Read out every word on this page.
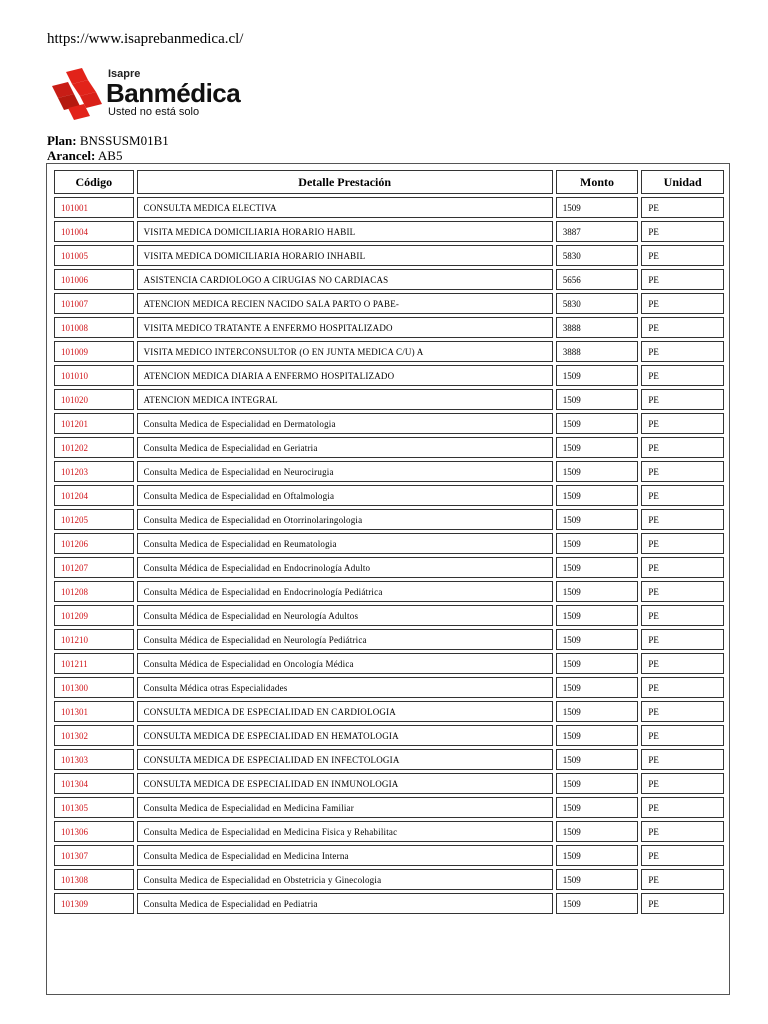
https://www.isaprebanmedica.cl/
Isapre
Banmédica
Usted no está solo
Plan: BNSSUSM01B1
Arancel: AB5
Código	Detalle Prestación	Monto	Unidad
101001	CONSULTA MEDICA ELECTIVA	1509	PE
101004	VISITA MEDICA DOMICILIARIA HORARIO HABIL	3887	PE
101005	VISITA MEDICA DOMICILIARIA HORARIO INHABIL	5830	PE
101006	ASISTENCIA CARDIOLOGO A CIRUGIAS NO CARDIACAS	5656	PE
101007	ATENCION MEDICA RECIEN NACIDO SALA PARTO O PABE-	5830	PE
101008	VISITA MEDICO TRATANTE A ENFERMO HOSPITALIZADO	3888	PE
101009	VISITA MEDICO INTERCONSULTOR (O EN JUNTA MEDICA C/U) A	3888	PE
101010	ATENCION MEDICA DIARIA A ENFERMO HOSPITALIZADO	1509	PE
101020	ATENCION MEDICA INTEGRAL	1509	PE
101201	Consulta Medica de Especialidad en Dermatologia	1509	PE
101202	Consulta Medica de Especialidad en Geriatria	1509	PE
101203	Consulta Medica de Especialidad en Neurocirugia	1509	PE
101204	Consulta Medica de Especialidad en Oftalmologia	1509	PE
101205	Consulta Medica de Especialidad en Otorrinolaringologia	1509	PE
101206	Consulta Medica de Especialidad en Reumatologia	1509	PE
101207	Consulta Médica de Especialidad en Endocrinología Adulto	1509	PE
101208	Consulta Médica de Especialidad en Endocrinología Pediátrica	1509	PE
101209	Consulta Médica de Especialidad en Neurología Adultos	1509	PE
101210	Consulta Médica de Especialidad en Neurología Pediátrica	1509	PE
101211	Consulta Médica de Especialidad en Oncología Médica	1509	PE
101300	Consulta Médica otras Especialidades	1509	PE
101301	CONSULTA MEDICA DE ESPECIALIDAD EN CARDIOLOGIA	1509	PE
101302	CONSULTA MEDICA DE ESPECIALIDAD EN HEMATOLOGIA	1509	PE
101303	CONSULTA MEDICA DE ESPECIALIDAD EN INFECTOLOGIA	1509	PE
101304	CONSULTA MEDICA DE ESPECIALIDAD EN INMUNOLOGIA	1509	PE
101305	Consulta Medica de Especialidad en Medicina Familiar	1509	PE
101306	Consulta Medica de Especialidad en Medicina Fisica y Rehabilitac	1509	PE
101307	Consulta Medica de Especialidad en Medicina Interna	1509	PE
101308	Consulta Medica de Especialidad en Obstetricia y Ginecologia	1509	PE
101309	Consulta Medica de Especialidad en Pediatria	1509	PE
